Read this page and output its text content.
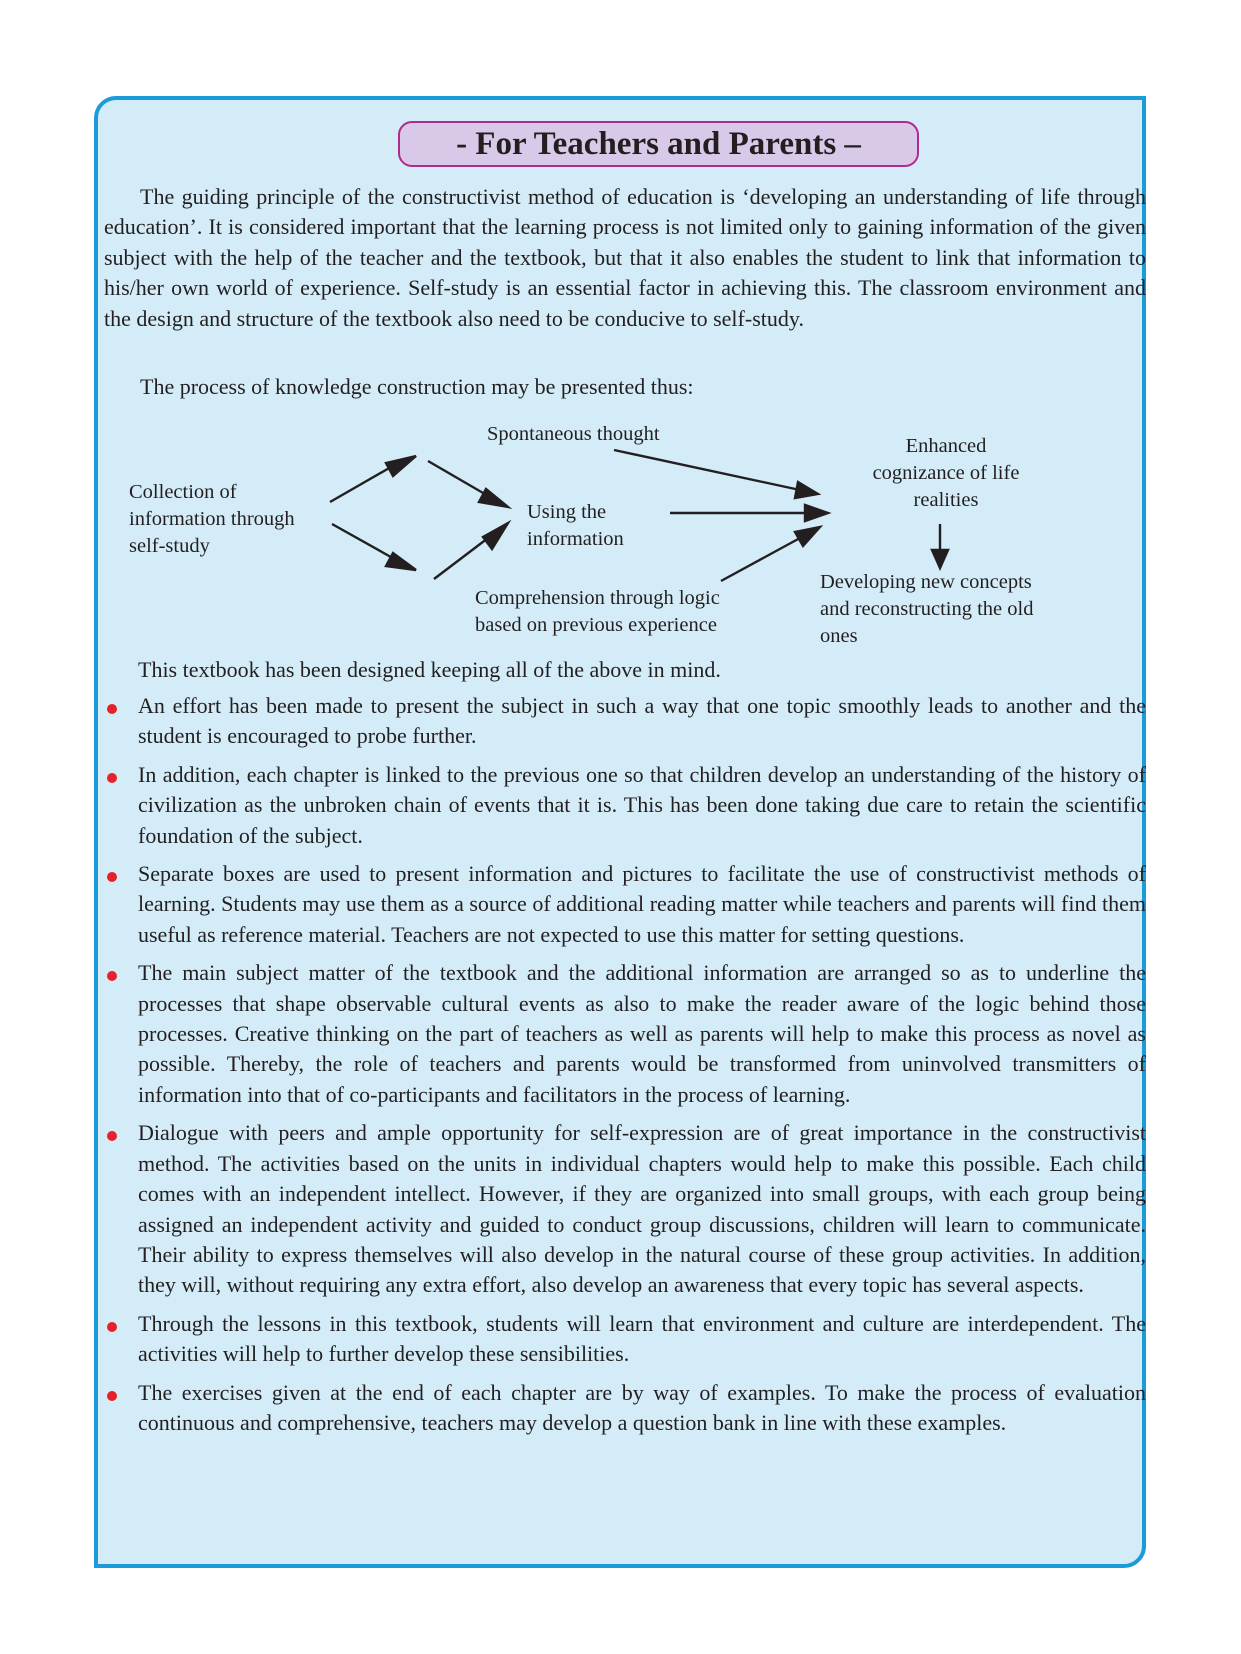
- For Teachers and Parents –

The guiding principle of the constructivist method of education is ‘developing an understanding of life through education’. It is considered important that the learning process is not limited only to gaining information of the given subject with the help of the teacher and the textbook, but that it also enables the student to link that information to his/her own world of experience. Self-study is an essential factor in achieving this. The classroom environment and the design and structure of the textbook also need to be conducive to self-study.

The process of knowledge construction may be presented thus:

Collection of
information through
self-study
Spontaneous thought
Using the
information
Comprehension through logic
based on previous experience
Enhanced
cognizance of life
realities
Developing new concepts
and reconstructing the old
ones

This textbook has been designed keeping all of the above in mind.

An effort has been made to present the subject in such a way that one topic smoothly leads to another and the student is encouraged to probe further.
In addition, each chapter is linked to the previous one so that children develop an understanding of the history of civilization as the unbroken chain of events that it is. This has been done taking due care to retain the scientific foundation of the subject.
Separate boxes are used to present information and pictures to facilitate the use of constructivist methods of learning. Students may use them as a source of additional reading matter while teachers and parents will find them useful as reference material. Teachers are not expected to use this matter for setting questions.
The main subject matter of the textbook and the additional information are arranged so as to underline the processes that shape observable cultural events as also to make the reader aware of the logic behind those processes. Creative thinking on the part of teachers as well as parents will help to make this process as novel as possible. Thereby, the role of teachers and parents would be transformed from uninvolved transmitters of information into that of co-participants and facilitators in the process of learning.
Dialogue with peers and ample opportunity for self-expression are of great importance in the constructivist method. The activities based on the units in individual chapters would help to make this possible. Each child comes with an independent intellect. However, if they are organized into small groups, with each group being assigned an independent activity and guided to conduct group discussions, children will learn to communicate. Their ability to express themselves will also develop in the natural course of these group activities. In addition, they will, without requiring any extra effort, also develop an awareness that every topic has several aspects.
Through the lessons in this textbook, students will learn that environment and culture are interdependent. The activities will help to further develop these sensibilities.
The exercises given at the end of each chapter are by way of examples. To make the process of evaluation continuous and comprehensive, teachers may develop a question bank in line with these examples.
